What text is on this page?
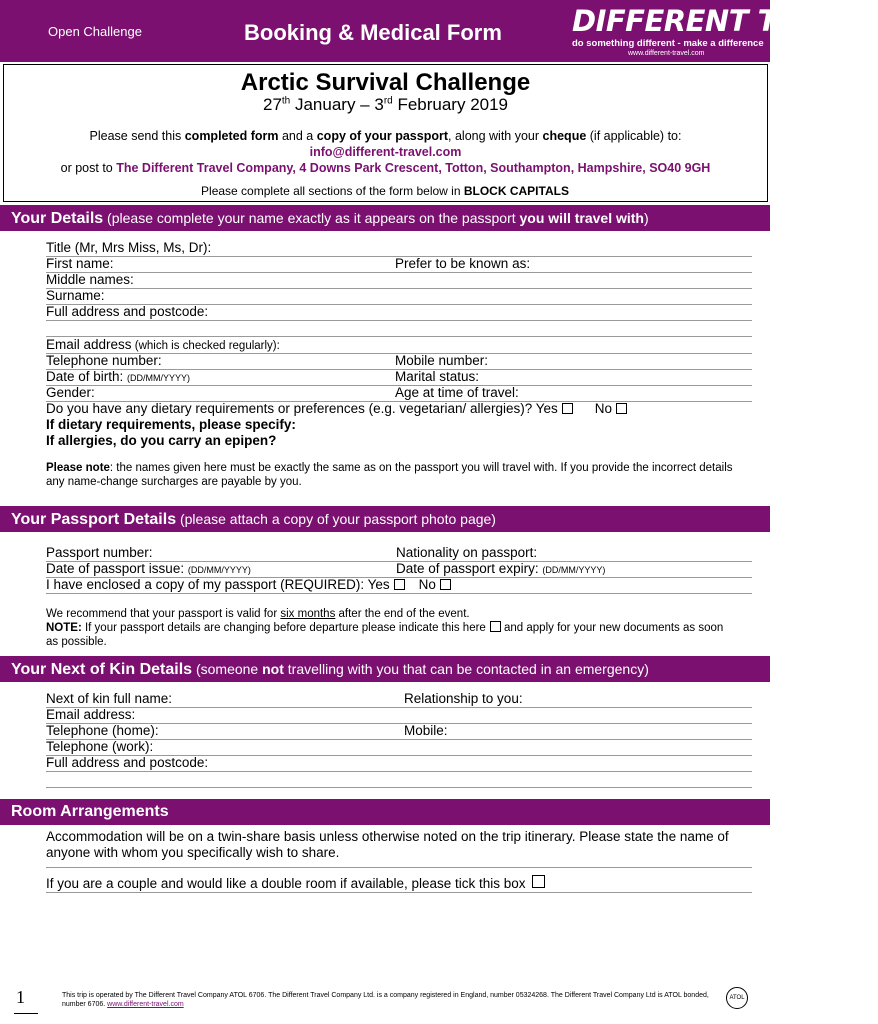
Open Challenge	Booking & Medical Form DIFFERENT TRAVEL
do something different - make a difference
www.different-travel.com
Arctic Survival Challenge
27th January – 3rd February 2019
Please send this completed form and a copy of your passport, along with your cheque (if applicable) to:
info@different-travel.com
or post to The Different Travel Company, 4 Downs Park Crescent, Totton, Southampton, Hampshire, SO40 9GH
Please complete all sections of the form below in BLOCK CAPITALS
Your Details (please complete your name exactly as it appears on the passport you will travel with)
Title (Mr, Mrs Miss, Ms, Dr):
First name:	Prefer to be known as:
Middle names:
Surname:
Full address and postcode:
Email address (which is checked regularly):
Telephone number:	Mobile number:
Date of birth: (DD/MM/YYYY)	Marital status:
Gender:	Age at time of travel:
Do you have any dietary requirements or preferences (e.g. vegetarian/ allergies)? Yes	No
If dietary requirements, please specify:
If allergies, do you carry an epipen?
Please note: the names given here must be exactly the same as on the passport you will travel with. If you provide the incorrect details any name-change surcharges are payable by you.
Your Passport Details (please attach a copy of your passport photo page)
Passport number:	Nationality on passport:
Date of passport issue: (DD/MM/YYYY)	Date of passport expiry: (DD/MM/YYYY)
I have enclosed a copy of my passport (REQUIRED): Yes No
We recommend that your passport is valid for six months after the end of the event.
NOTE: If your passport details are changing before departure please indicate this here and apply for your new documents as soon as possible.
Your Next of Kin Details (someone not travelling with you that can be contacted in an emergency)
Next of kin full name:	Relationship to you:
Email address:
Telephone (home):	Mobile:
Telephone (work):
Full address and postcode:
Room Arrangements
Accommodation will be on a twin-share basis unless otherwise noted on the trip itinerary. Please state the name of anyone with whom you specifically wish to share.
If you are a couple and would like a double room if available, please tick this box
1	This trip is operated by The Different Travel Company ATOL 6706. The Different Travel Company Ltd. is a company registered in England, number 05324268. The Different Travel Company Ltd is ATOL bonded, number 6706. www.different-travel.com
ATOL
